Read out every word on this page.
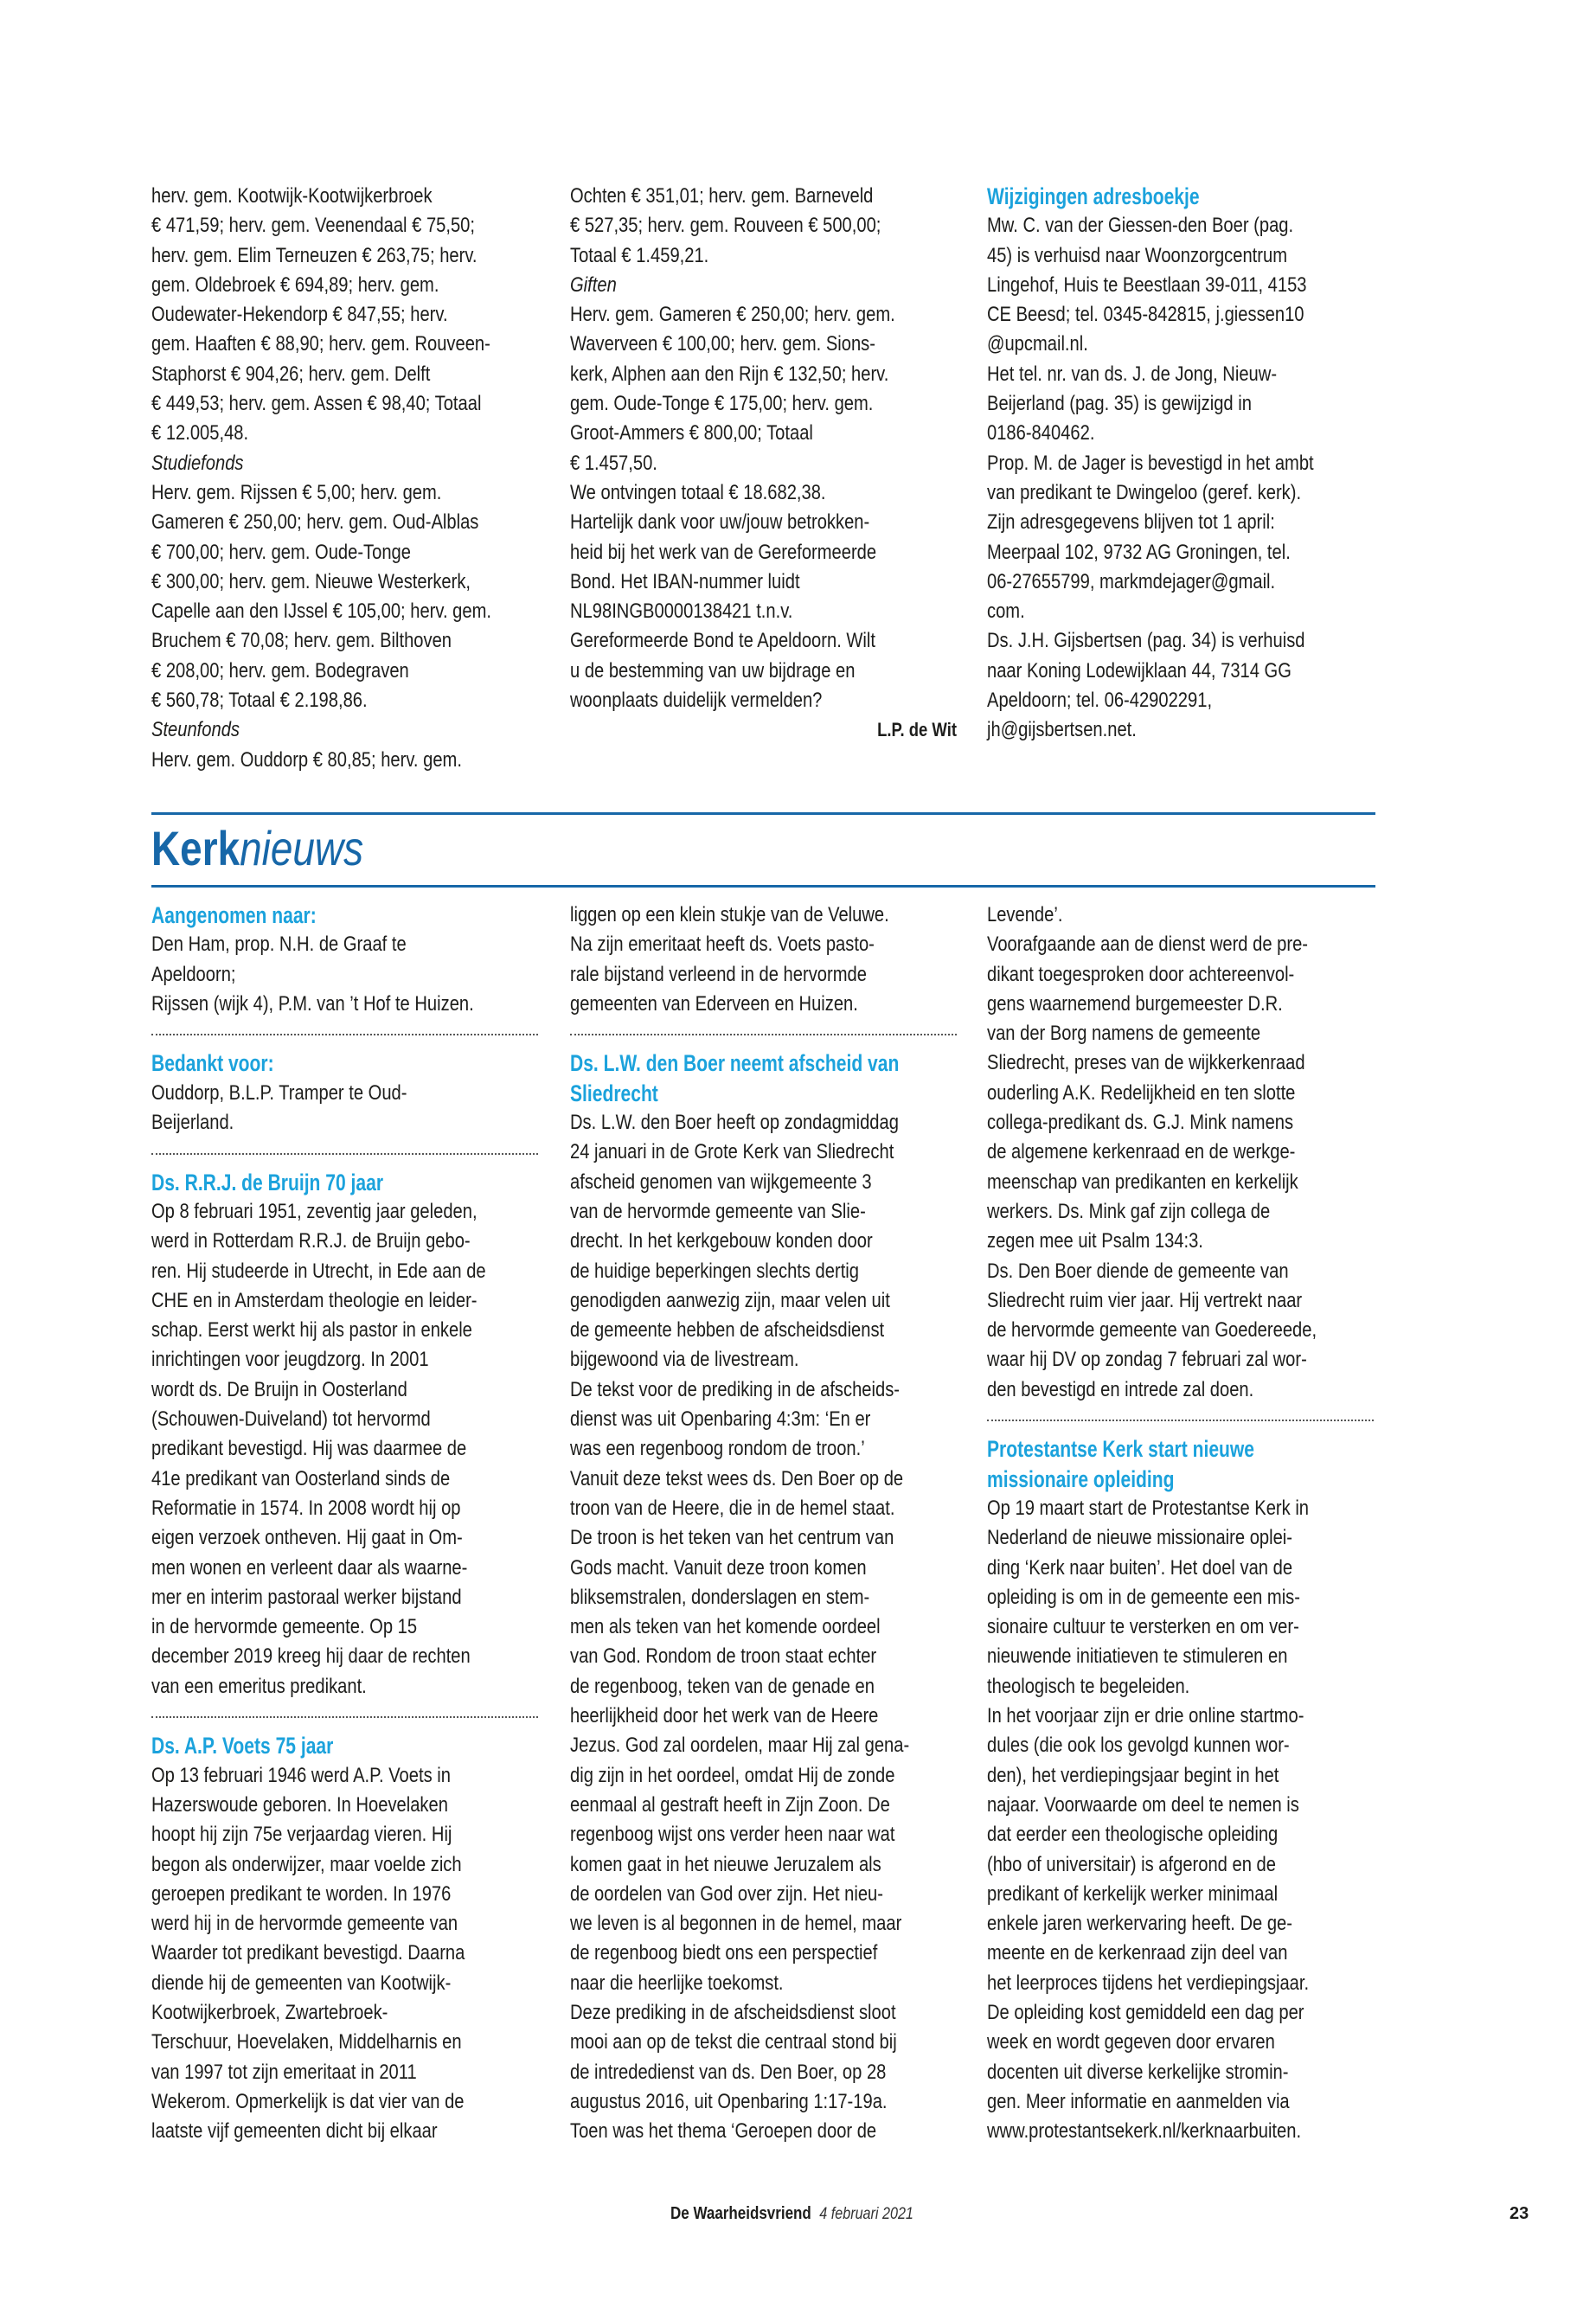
herv. gem. Kootwijk-Kootwijkerbroek
€ 471,59; herv. gem. Veenendaal € 75,50;
herv. gem. Elim Terneuzen € 263,75; herv.
gem. Oldebroek € 694,89; herv. gem.
Oudewater-Hekendorp € 847,55; herv.
gem. Haaften € 88,90; herv. gem. Rouveen-
Staphorst € 904,26; herv. gem. Delft
€ 449,53; herv. gem. Assen € 98,40; Totaal
€ 12.005,48.
Studiefonds
Herv. gem. Rijssen € 5,00; herv. gem.
Gameren € 250,00; herv. gem. Oud-Alblas
€ 700,00; herv. gem. Oude-Tonge
€ 300,00; herv. gem. Nieuwe Westerkerk,
Capelle aan den IJssel € 105,00; herv. gem.
Bruchem € 70,08; herv. gem. Bilthoven
€ 208,00; herv. gem. Bodegraven
€ 560,78; Totaal € 2.198,86.
Steunfonds
Herv. gem. Ouddorp € 80,85; herv. gem.
Ochten € 351,01; herv. gem. Barneveld
€ 527,35; herv. gem. Rouveen € 500,00;
Totaal € 1.459,21.
Giften
Herv. gem. Gameren € 250,00; herv. gem.
Waverveen € 100,00; herv. gem. Sions-
kerk, Alphen aan den Rijn € 132,50; herv.
gem. Oude-Tonge € 175,00; herv. gem.
Groot-Ammers € 800,00; Totaal
€ 1.457,50.
We ontvingen totaal € 18.682,38.
Hartelijk dank voor uw/jouw betrokken-
heid bij het werk van de Gereformeerde
Bond. Het IBAN-nummer luidt
NL98INGB0000138421 t.n.v.
Gereformeerde Bond te Apeldoorn. Wilt
u de bestemming van uw bijdrage en
woonplaats duidelijk vermelden?
L.P. de Wit
Wijzigingen adresboekje
Mw. C. van der Giessen-den Boer (pag.
45) is verhuisd naar Woonzorgcentrum
Lingehof, Huis te Beestlaan 39-011, 4153
CE Beesd; tel. 0345-842815, j.giessen10
@upcmail.nl.
Het tel. nr. van ds. J. de Jong, Nieuw-
Beijerland (pag. 35) is gewijzigd in
0186-840462.
Prop. M. de Jager is bevestigd in het ambt
van predikant te Dwingeloo (geref. kerk).
Zijn adresgegevens blijven tot 1 april:
Meerpaal 102, 9732 AG Groningen, tel.
06-27655799, markmdejager@gmail.
com.
Ds. J.H. Gijsbertsen (pag. 34) is verhuisd
naar Koning Lodewijklaan 44, 7314 GG
Apeldoorn; tel. 06-42902291,
jh@gijsbertsen.net.
Kerknieuws
Aangenomen naar:
Den Ham, prop. N.H. de Graaf te
Apeldoorn;
Rijssen (wijk 4), P.M. van ’t Hof te Huizen.
Bedankt voor:
Ouddorp, B.L.P. Tramper te Oud-
Beijerland.
Ds. R.R.J. de Bruijn 70 jaar
Op 8 februari 1951, zeventig jaar geleden,
werd in Rotterdam R.R.J. de Bruijn gebo-
ren. Hij studeerde in Utrecht, in Ede aan de
CHE en in Amsterdam theologie en leider-
schap. Eerst werkt hij als pastor in enkele
inrichtingen voor jeugdzorg. In 2001
wordt ds. De Bruijn in Oosterland
(Schouwen-Duiveland) tot hervormd
predikant bevestigd. Hij was daarmee de
41e predikant van Oosterland sinds de
Reformatie in 1574. In 2008 wordt hij op
eigen verzoek ontheven. Hij gaat in Om-
men wonen en verleent daar als waarne-
mer en interim pastoraal werker bijstand
in de hervormde gemeente. Op 15
december 2019 kreeg hij daar de rechten
van een emeritus predikant.
Ds. A.P. Voets 75 jaar
Op 13 februari 1946 werd A.P. Voets in
Hazerswoude geboren. In Hoevelaken
hoopt hij zijn 75e verjaardag vieren. Hij
begon als onderwijzer, maar voelde zich
geroepen predikant te worden. In 1976
werd hij in de hervormde gemeente van
Waarder tot predikant bevestigd. Daarna
diende hij de gemeenten van Kootwijk-
Kootwijkerbroek, Zwartebroek-
Terschuur, Hoevelaken, Middelharnis en
van 1997 tot zijn emeritaat in 2011
Wekerom. Opmerkelijk is dat vier van de
laatste vijf gemeenten dicht bij elkaar
liggen op een klein stukje van de Veluwe.
Na zijn emeritaat heeft ds. Voets pasto-
rale bijstand verleend in de hervormde
gemeenten van Ederveen en Huizen.
Ds. L.W. den Boer neemt afscheid van
Sliedrecht
Ds. L.W. den Boer heeft op zondagmiddag
24 januari in de Grote Kerk van Sliedrecht
afscheid genomen van wijkgemeente 3
van de hervormde gemeente van Slie-
drecht. In het kerkgebouw konden door
de huidige beperkingen slechts dertig
genodigden aanwezig zijn, maar velen uit
de gemeente hebben de afscheidsdienst
bijgewoond via de livestream.
De tekst voor de prediking in de afscheids-
dienst was uit Openbaring 4:3m: ‘En er
was een regenboog rondom de troon.’
Vanuit deze tekst wees ds. Den Boer op de
troon van de Heere, die in de hemel staat.
De troon is het teken van het centrum van
Gods macht. Vanuit deze troon komen
bliksemstralen, donderslagen en stem-
men als teken van het komende oordeel
van God. Rondom de troon staat echter
de regenboog, teken van de genade en
heerlijkheid door het werk van de Heere
Jezus. God zal oordelen, maar Hij zal gena-
dig zijn in het oordeel, omdat Hij de zonde
eenmaal al gestraft heeft in Zijn Zoon. De
regenboog wijst ons verder heen naar wat
komen gaat in het nieuwe Jeruzalem als
de oordelen van God over zijn. Het nieu-
we leven is al begonnen in de hemel, maar
de regenboog biedt ons een perspectief
naar die heerlijke toekomst.
Deze prediking in de afscheidsdienst sloot
mooi aan op de tekst die centraal stond bij
de intrededienst van ds. Den Boer, op 28
augustus 2016, uit Openbaring 1:17-19a.
Toen was het thema ‘Geroepen door de
Levende’.
Voorafgaande aan de dienst werd de pre-
dikant toegesproken door achtereenvol-
gens waarnemend burgemeester D.R.
van der Borg namens de gemeente
Sliedrecht, preses van de wijkkerkenraad
ouderling A.K. Redelijkheid en ten slotte
collega-predikant ds. G.J. Mink namens
de algemene kerkenraad en de werkge-
meenschap van predikanten en kerkelijk
werkers. Ds. Mink gaf zijn collega de
zegen mee uit Psalm 134:3.
Ds. Den Boer diende de gemeente van
Sliedrecht ruim vier jaar. Hij vertrekt naar
de hervormde gemeente van Goedereede,
waar hij DV op zondag 7 februari zal wor-
den bevestigd en intrede zal doen.
Protestantse Kerk start nieuwe
missionaire opleiding
Op 19 maart start de Protestantse Kerk in
Nederland de nieuwe missionaire oplei-
ding ‘Kerk naar buiten’. Het doel van de
opleiding is om in de gemeente een mis-
sionaire cultuur te versterken en om ver-
nieuwende initiatieven te stimuleren en
theologisch te begeleiden.
In het voorjaar zijn er drie online startmo-
dules (die ook los gevolgd kunnen wor-
den), het verdiepingsjaar begint in het
najaar. Voorwaarde om deel te nemen is
dat eerder een theologische opleiding
(hbo of universitair) is afgerond en de
predikant of kerkelijk werker minimaal
enkele jaren werkervaring heeft. De ge-
meente en de kerkenraad zijn deel van
het leerproces tijdens het verdiepingsjaar.
De opleiding kost gemiddeld een dag per
week en wordt gegeven door ervaren
docenten uit diverse kerkelijke stromin-
gen. Meer informatie en aanmelden via
www.protestantsekerk.nl/kerknaarbuiten.
De Waarheidsvriend 4 februari 2021	23
